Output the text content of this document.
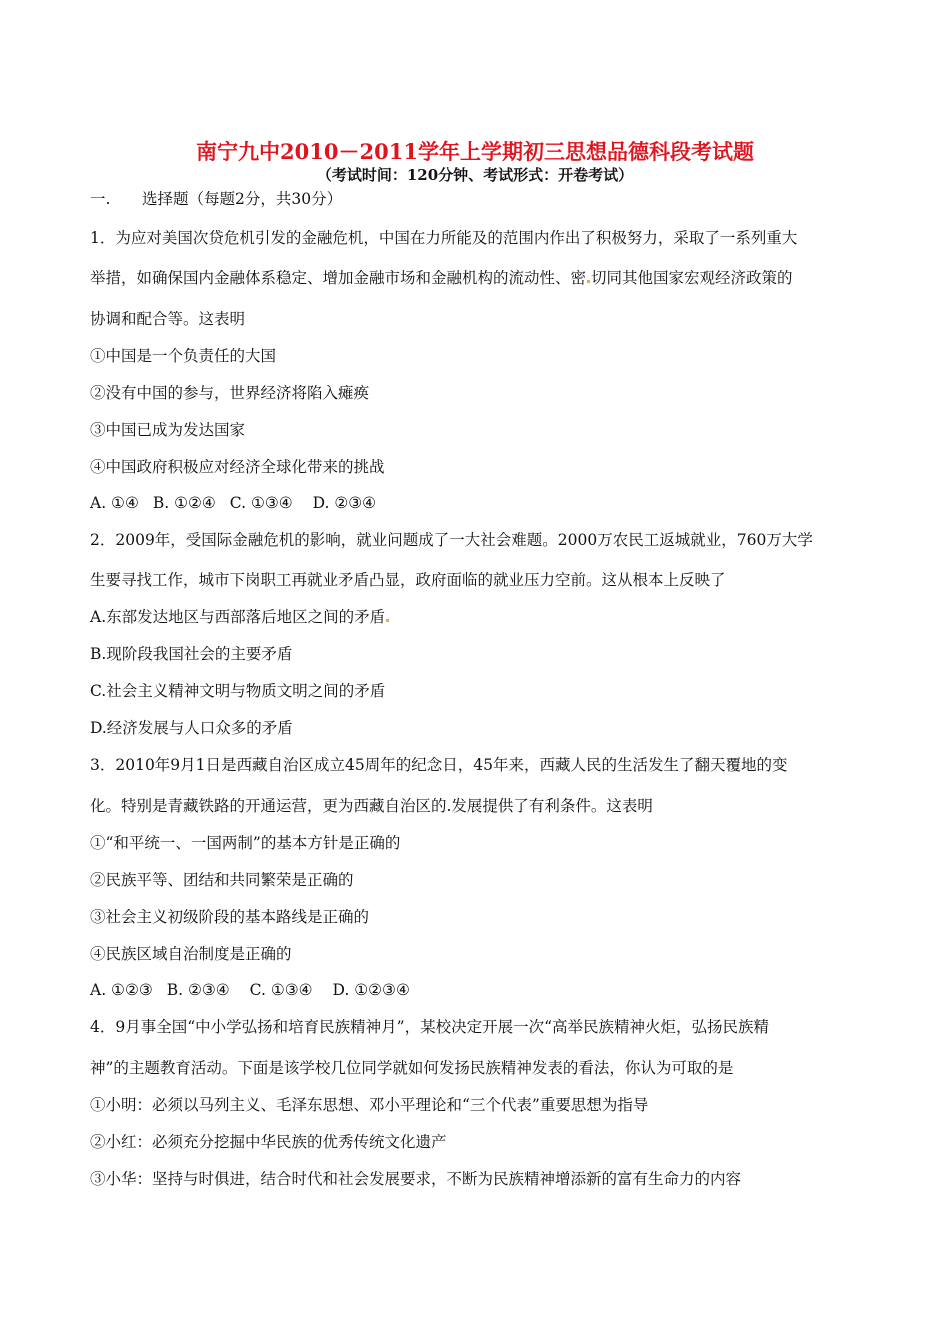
南宁九中2010－2011学年上学期初三思想品德科段考试题
（考试时间：120分钟、考试形式：开卷考试）
一. 选择题（每题2分，共30分）
1．为应对美国次贷危机引发的金融危机，中国在力所能及的范围内作出了积极努力，采取了一系列重大
举措，如确保国内金融体系稳定、增加金融市场和金融机构的流动性、密 切同其他国家宏观经济政策的
协调和配合等。这表明
①中国是一个负责任的大国
②没有中国的参与，世界经济将陷入瘫痪
③中国已成为发达国家
④中国政府积极应对经济全球化带来的挑战
A. ①④ B. ①②④ C. ①③④ D. ②③④
2．2009年，受国际金融危机的影响，就业问题成了一大社会难题。2000万农民工返城就业，760万大学
生要寻找工作，城市下岗职工再就业矛盾凸显，政府面临的就业压力空前。这从根本上反映了
A.东部发达地区与西部落后地区之间的矛盾
B.现阶段我国社会的主要矛盾
C.社会主义精神文明与物质文明之间的矛盾
D.经济发展与人口众多的矛盾
3．2010年9月1日是西藏自治区成立45周年的纪念日，45年来，西藏人民的生活发生了翻天覆地的变
化。特别是青藏铁路的开通运营，更为西藏自治区的.发展提供了有利条件。这表明
①“和平统一、一国两制”的基本方针是正确的
②民族平等、团结和共同繁荣是正确的
③社会主义初级阶段的基本路线是正确的
④民族区域自治制度是正确的
A. ①②③ B. ②③④ C. ①③④ D. ①②③④
4．9月事全国“中小学弘扬和培育民族精神月”，某校决定开展一次“高举民族精神火炬，弘扬民族精
神”的主题教育活动。下面是该学校几位同学就如何发扬民族精神发表的看法，你认为可取的是
①小明：必须以马列主义、毛泽东思想、邓小平理论和“三个代表”重要思想为指导
②小红：必须充分挖掘中华民族的优秀传统文化遗产
③小华：坚持与时俱进，结合时代和社会发展要求，不断为民族精神增添新的富有生命力的内容
